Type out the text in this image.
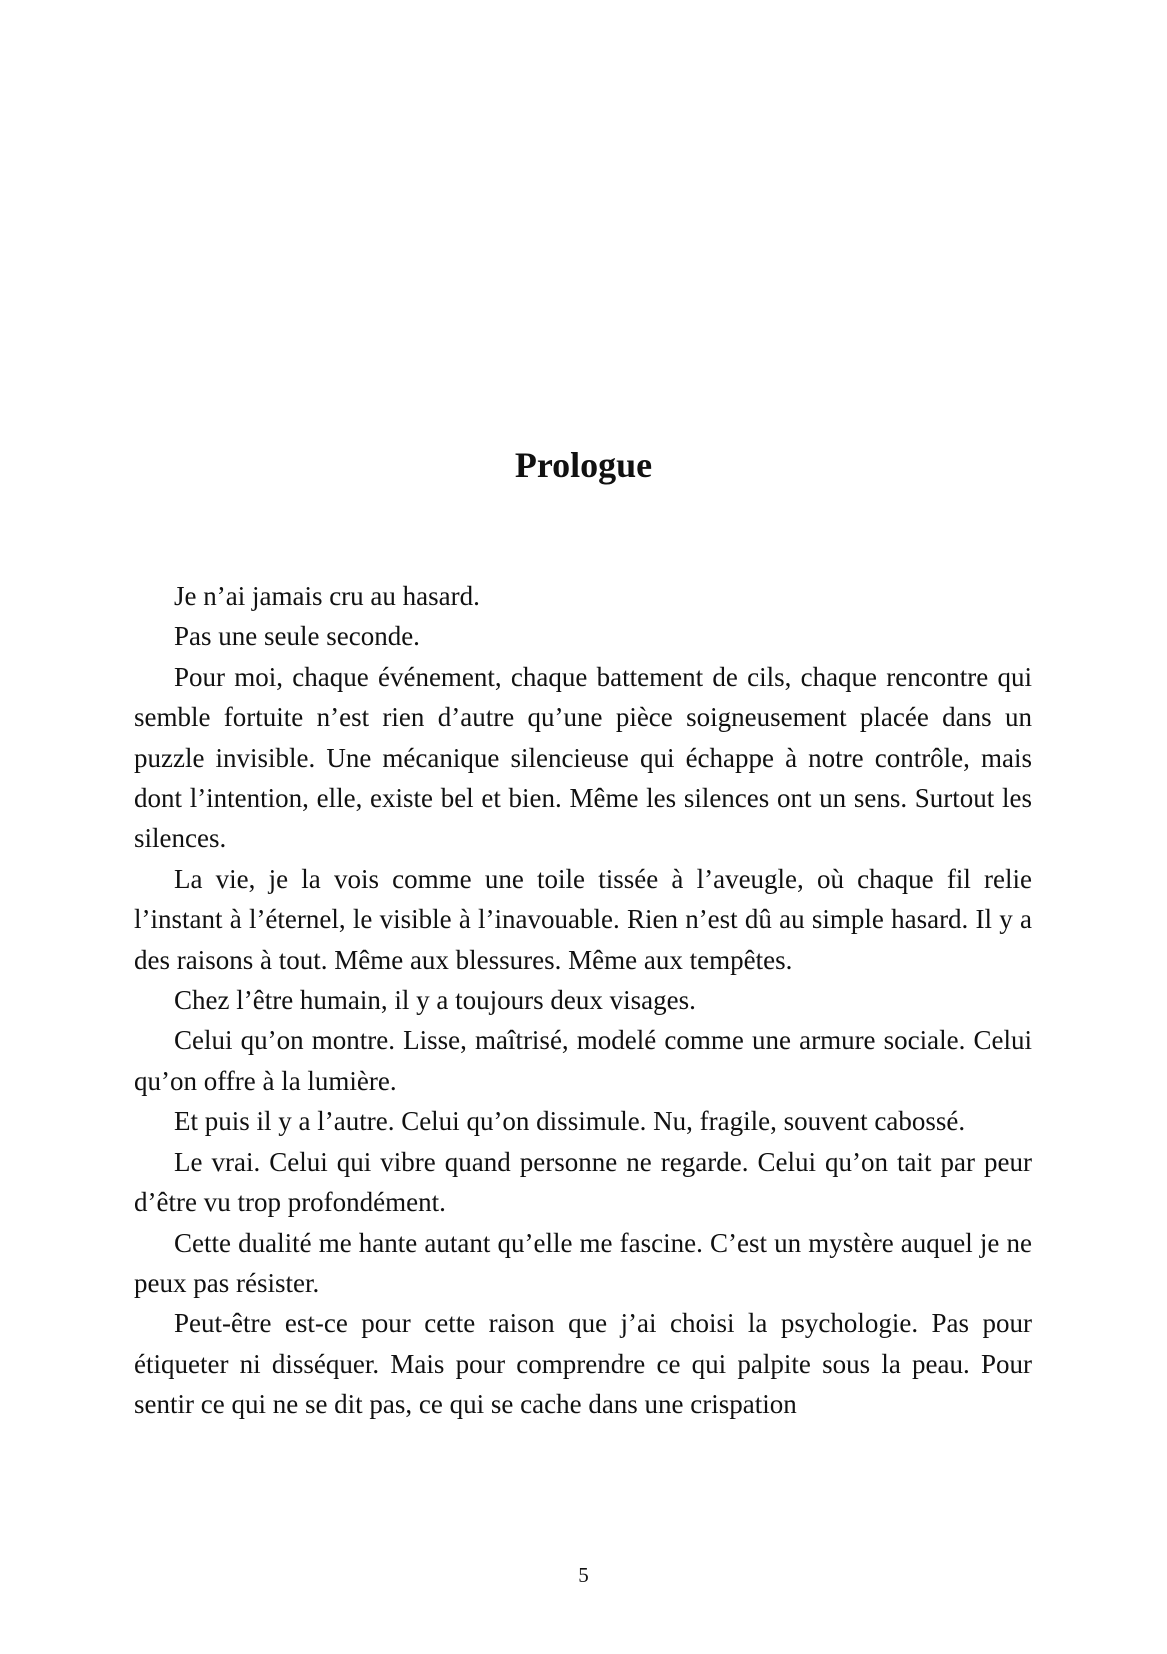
Prologue

Je n’ai jamais cru au hasard.

Pas une seule seconde.

Pour moi, chaque événement, chaque battement de cils, chaque rencontre qui semble fortuite n’est rien d’autre qu’une pièce soigneusement placée dans un puzzle invisible. Une mécanique silencieuse qui échappe à notre contrôle, mais dont l’intention, elle, existe bel et bien. Même les silences ont un sens. Surtout les silences.

La vie, je la vois comme une toile tissée à l’aveugle, où chaque fil relie l’instant à l’éternel, le visible à l’inavouable. Rien n’est dû au simple hasard. Il y a des raisons à tout. Même aux blessures. Même aux tempêtes.

Chez l’être humain, il y a toujours deux visages.

Celui qu’on montre. Lisse, maîtrisé, modelé comme une armure sociale. Celui qu’on offre à la lumière.

Et puis il y a l’autre. Celui qu’on dissimule. Nu, fragile, souvent cabossé.

Le vrai. Celui qui vibre quand personne ne regarde. Celui qu’on tait par peur d’être vu trop profondément.

Cette dualité me hante autant qu’elle me fascine. C’est un mystère auquel je ne peux pas résister.

Peut-être est-ce pour cette raison que j’ai choisi la psychologie. Pas pour étiqueter ni disséquer. Mais pour comprendre ce qui palpite sous la peau. Pour sentir ce qui ne se dit pas, ce qui se cache dans une crispation

5
